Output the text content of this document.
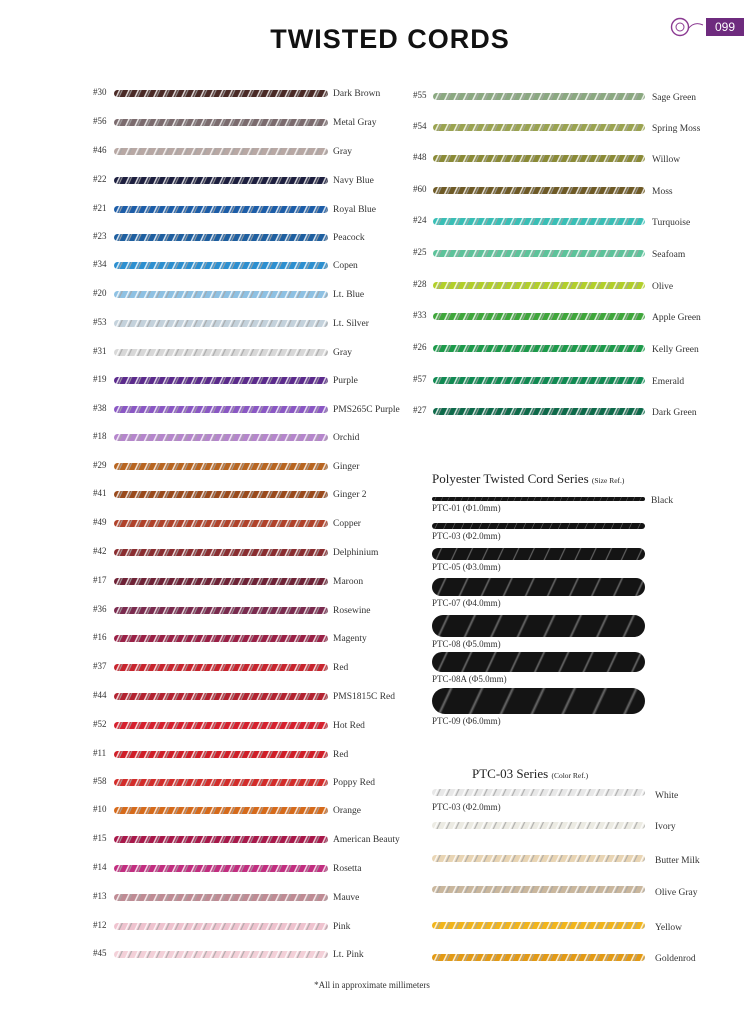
TWISTED CORDS	099
#30	Dark Brown
#56	Metal Gray
#46	Gray
#22	Navy Blue
#21	Royal Blue
#23	Peacock
#34	Copen
#20	Lt. Blue
#53	Lt. Silver
#31	Gray
#19	Purple
#38	PMS265C Purple
#18	Orchid
#29	Ginger
#41	Ginger 2
#49	Copper
#42	Delphinium
#17	Maroon
#36	Rosewine
#16	Magenty
#37	Red
#44	PMS1815C Red
#52	Hot Red
#11	Red
#58	Poppy Red
#10	Orange
#15	American Beauty
#14	Rosetta
#13	Mauve
#12	Pink
#45	Lt. Pink
#55	Sage Green
#54	Spring Moss
#48	Willow
#60	Moss
#24	Turquoise
#25	Seafoam
#28	Olive
#33	Apple Green
#26	Kelly Green
#57	Emerald
#27	Dark Green
Polyester Twisted Cord Series (Size Ref.)
Black
PTC-01 (Φ1.0mm)
PTC-03 (Φ2.0mm)
PTC-05 (Φ3.0mm)
PTC-07 (Φ4.0mm)
PTC-08 (Φ5.0mm)
PTC-08A (Φ5.0mm)
PTC-09 (Φ6.0mm)
PTC-03 Series (Color Ref.)
PTC-03 (Φ2.0mm)
White
Ivory
Butter Milk
Olive Gray
Yellow
Goldenrod
*All in approximate millimeters
